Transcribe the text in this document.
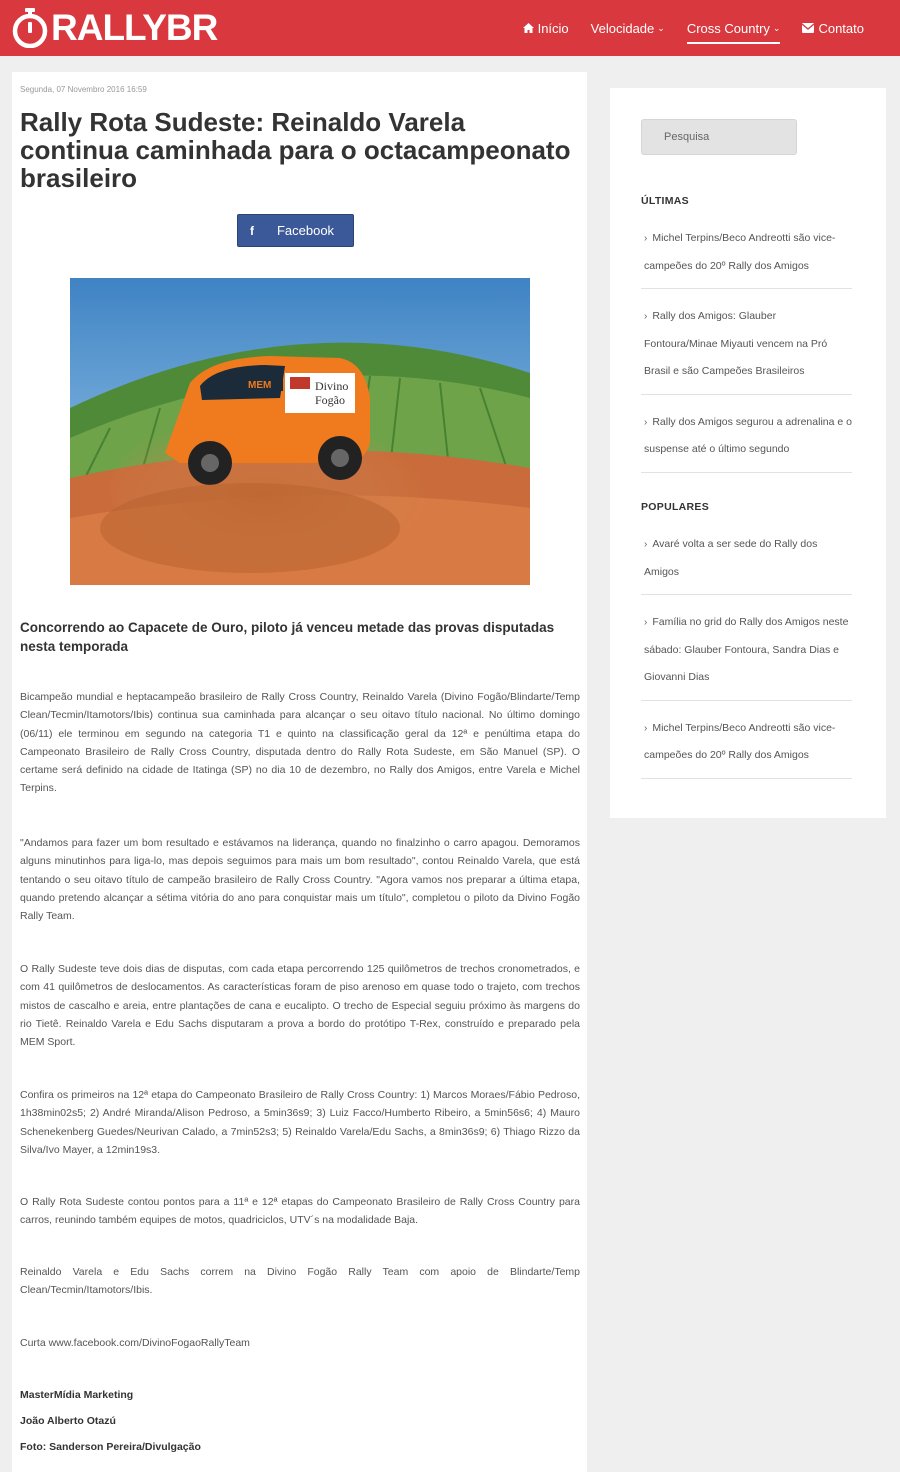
RALLYBR	Início Velocidade ⌄ Cross Country ⌄	Contato
Segunda, 07 Novembro 2016 16:59
Rally Rota Sudeste: Reinaldo Varela continua caminhada para o octacampeonato brasileiro
f	Facebook
Divino
Fogão
MEM
Concorrendo ao Capacete de Ouro, piloto já venceu metade das provas disputadas nesta temporada

Bicampeão mundial e heptacampeão brasileiro de Rally Cross Country, Reinaldo Varela (Divino Fogão/Blindarte/Temp Clean/Tecmin/Itamotors/Ibis) continua sua caminhada para alcançar o seu oitavo título nacional. No último domingo (06/11) ele terminou em segundo na categoria T1 e quinto na classificação geral da 12ª e penúltima etapa do Campeonato Brasileiro de Rally Cross Country, disputada dentro do Rally Rota Sudeste, em São Manuel (SP). O certame será definido na cidade de Itatinga (SP) no dia 10 de dezembro, no Rally dos Amigos, entre Varela e Michel Terpins.

"Andamos para fazer um bom resultado e estávamos na liderança, quando no finalzinho o carro apagou. Demoramos alguns minutinhos para liga-lo, mas depois seguimos para mais um bom resultado", contou Reinaldo Varela, que está tentando o seu oitavo título de campeão brasileiro de Rally Cross Country. "Agora vamos nos preparar a última etapa, quando pretendo alcançar a sétima vitória do ano para conquistar mais um título", completou o piloto da Divino Fogão Rally Team.

O Rally Sudeste teve dois dias de disputas, com cada etapa percorrendo 125 quilômetros de trechos cronometrados, e com 41 quilômetros de deslocamentos. As características foram de piso arenoso em quase todo o trajeto, com trechos mistos de cascalho e areia, entre plantações de cana e eucalipto. O trecho de Especial seguiu próximo às margens do rio Tietê. Reinaldo Varela e Edu Sachs disputaram a prova a bordo do protótipo T-Rex, construído e preparado pela MEM Sport.

Confira os primeiros na 12ª etapa do Campeonato Brasileiro de Rally Cross Country: 1) Marcos Moraes/Fábio Pedroso, 1h38min02s5; 2) André Miranda/Alison Pedroso, a 5min36s9; 3) Luiz Facco/Humberto Ribeiro, a 5min56s6; 4) Mauro Schenekenberg Guedes/Neurivan Calado, a 7min52s3; 5) Reinaldo Varela/Edu Sachs, a 8min36s9; 6) Thiago Rizzo da Silva/Ivo Mayer, a 12min19s3.

O Rally Rota Sudeste contou pontos para a 11ª e 12ª etapas do Campeonato Brasileiro de Rally Cross Country para carros, reunindo também equipes de motos, quadriciclos, UTV´s na modalidade Baja.

Reinaldo Varela e Edu Sachs correm na Divino Fogão Rally Team com apoio de Blindarte/Temp Clean/Tecmin/Itamotors/Ibis.

Curta www.facebook.com/DivinoFogaoRallyTeam

MasterMídia Marketing

João Alberto Otazú

Foto: Sanderson Pereira/Divulgação

Pesquisa
ÚLTIMAS
› Michel Terpins/Beco Andreotti são vice-campeões do 20º Rally dos Amigos
› Rally dos Amigos: Glauber Fontoura/Minae Miyauti vencem na Pró Brasil e são Campeões Brasileiros
› Rally dos Amigos segurou a adrenalina e o suspense até o último segundo
POPULARES
› Avaré volta a ser sede do Rally dos Amigos
› Família no grid do Rally dos Amigos neste sábado: Glauber Fontoura, Sandra Dias e Giovanni Dias
› Michel Terpins/Beco Andreotti são vice-campeões do 20º Rally dos Amigos
